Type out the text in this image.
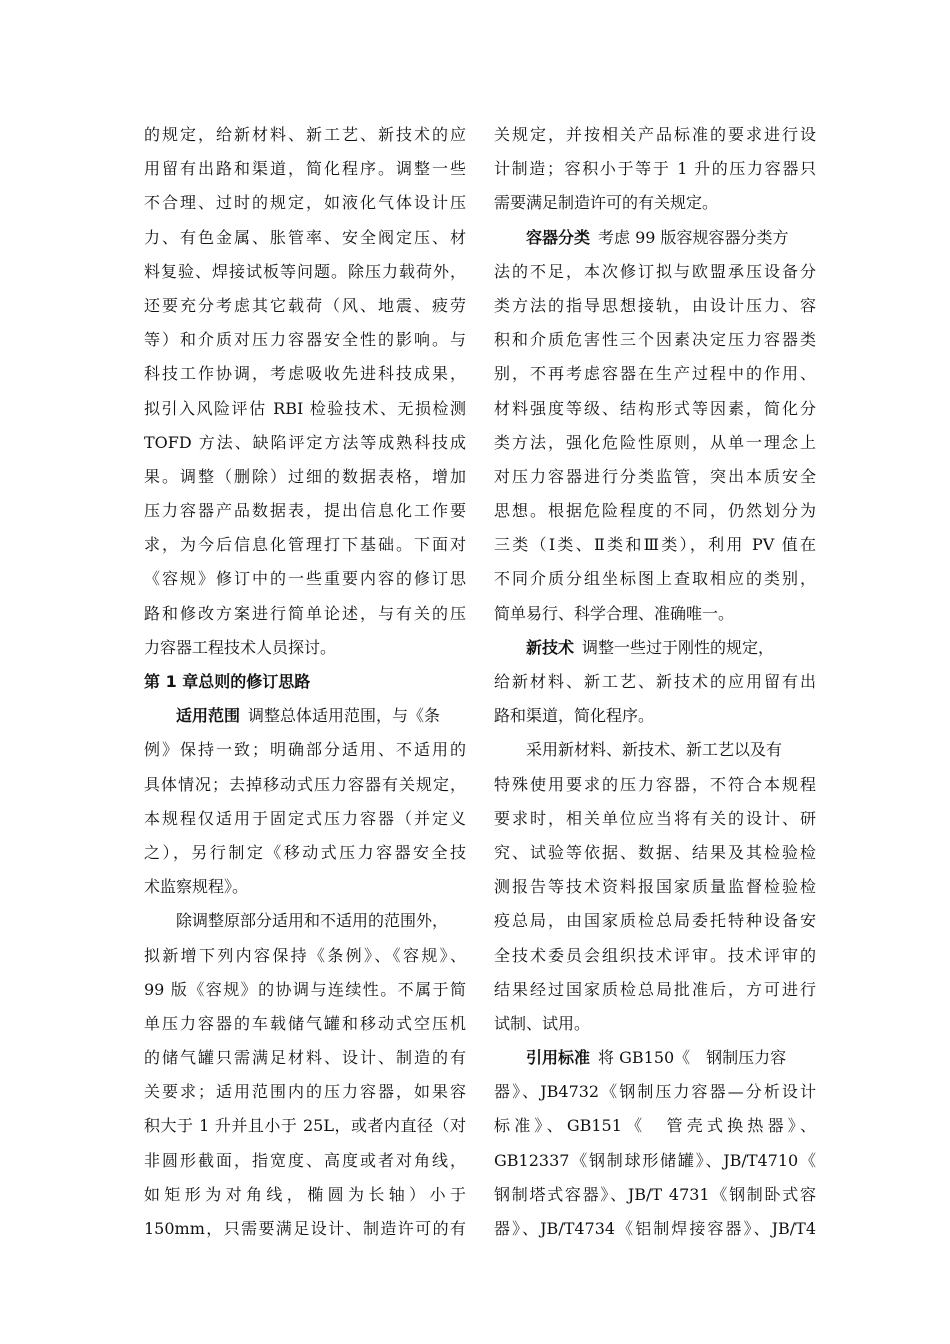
的规定，给新材料、新工艺、新技术的应
用留有出路和渠道，简化程序。调整一些
不合理、过时的规定，如液化气体设计压
力、有色金属、胀管率、安全阀定压、材
料复验、焊接试板等问题。除压力载荷外，
还要充分考虑其它载荷（风、地震、疲劳
等）和介质对压力容器安全性的影响。与
科技工作协调，考虑吸收先进科技成果，
拟引入风险评估 RBI 检验技术、无损检测
TOFD 方法、缺陷评定方法等成熟科技成
果。调整（删除）过细的数据表格，增加
压力容器产品数据表，提出信息化工作要
求，为今后信息化管理打下基础。下面对
《容规》修订中的一些重要内容的修订思
路和修改方案进行简单论述，与有关的压
力容器工程技术人员探讨。
第 1 章总则的修订思路
适用范围 调整总体适用范围，与《条
例》保持一致；明确部分适用、不适用的
具体情况；去掉移动式压力容器有关规定，
本规程仅适用于固定式压力容器（并定义
之），另行制定《移动式压力容器安全技
术监察规程》。
除调整原部分适用和不适用的范围外，
拟新增下列内容保持《条例》、《容规》、
99 版《容规》的协调与连续性。不属于简
单压力容器的车载储气罐和移动式空压机
的储气罐只需满足材料、设计、制造的有
关要求；适用范围内的压力容器，如果容
积大于 1 升并且小于 25L，或者内直径（对
非圆形截面，指宽度、高度或者对角线，
如矩形为对角线，椭圆为长轴）小于
150mm，只需要满足设计、制造许可的有
关规定，并按相关产品标准的要求进行设
计制造；容积小于等于 1 升的压力容器只
需要满足制造许可的有关规定。
容器分类 考虑 99 版容规容器分类方
法的不足，本次修订拟与欧盟承压设备分
类方法的指导思想接轨，由设计压力、容
积和介质危害性三个因素决定压力容器类
别，不再考虑容器在生产过程中的作用、
材料强度等级、结构形式等因素，简化分
类方法，强化危险性原则，从单一理念上
对压力容器进行分类监管，突出本质安全
思想。根据危险程度的不同，仍然划分为
三类（Ⅰ类、Ⅱ类和Ⅲ类），利用 PV 值在
不同介质分组坐标图上查取相应的类别，
简单易行、科学合理、准确唯一。
新技术 调整一些过于刚性的规定，
给新材料、新工艺、新技术的应用留有出
路和渠道，简化程序。
采用新材料、新技术、新工艺以及有
特殊使用要求的压力容器，不符合本规程
要求时，相关单位应当将有关的设计、研
究、试验等依据、数据、结果及其检验检
测报告等技术资料报国家质量监督检验检
疫总局，由国家质检总局委托特种设备安
全技术委员会组织技术评审。技术评审的
结果经过国家质检总局批准后，方可进行
试制、试用。
引用标准 将 GB150《　钢制压力容
器》、JB4732《钢制压力容器—分析设计
标准》、GB151《　管壳式换热器》、
GB12337《钢制球形储罐》、JB/T4710《
钢制塔式容器》、JB/T 4731《钢制卧式容
器》、JB/T4734《铝制焊接容器》、JB/T4
